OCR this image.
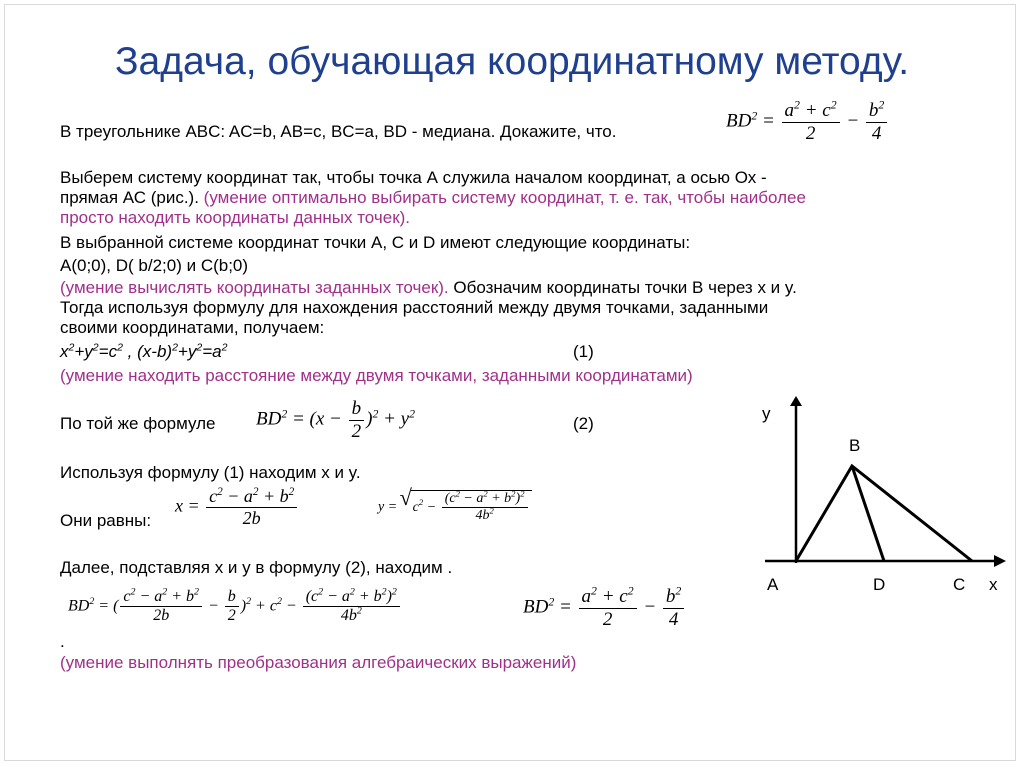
Задача, обучающая координатному методу.
В треугольнике ABC: AC=b, AB=c, BC=a, BD - медиана. Докажите, что.	$BD^2 = \frac{a^2 + c^2}{2} - \frac{b^2}{4}$
Выберем систему координат так, чтобы точка А служила началом координат, а осью Ох -
прямая АС (рис.). (умение оптимально выбирать систему координат, т. е. так, чтобы наиболее
просто находить координаты данных точек).
В выбранной системе координат точки А, С и D имеют следующие координаты:
A(0;0), D( b/2;0) и C(b;0)
(умение вычислять координаты заданных точек). Обозначим координаты точки B через x и y.
Тогда используя формулу для нахождения расстояний между двумя точками, заданными
своими координатами, получаем:
$x^2+y^2=c^2$ , $(x-b)^2+y^2=a^2$	(1)
(умение находить расстояние между двумя точками, заданными координатами)
По той же формуле $BD^2 = (x - \frac{b}{2} )^2 + y^2$
(2)
Используя формулу (1) находим x и y.
Они равны:
$x = \frac{c^2 - a^2 + b^2}{2b}$	y = √ $c^2 - \frac{(c^2 - a^2 + b^2)^2}{4b^2}$
Далее, подставляя x и y в формулу (2), находим .
$BD^2$ = ( $\frac{c^2 - a^2 + b^2}{2b} - \frac{b}{2} )^2 + c^2 - \frac{(c^2 - a^2 + b^2)^2}{4b^2}$	$BD^2 = \frac{a^2 + c^2}{2} - \frac{b^2}{4}$
.
(умение выполнять преобразования алгебраических выражений)
y
B
A	D	C x
